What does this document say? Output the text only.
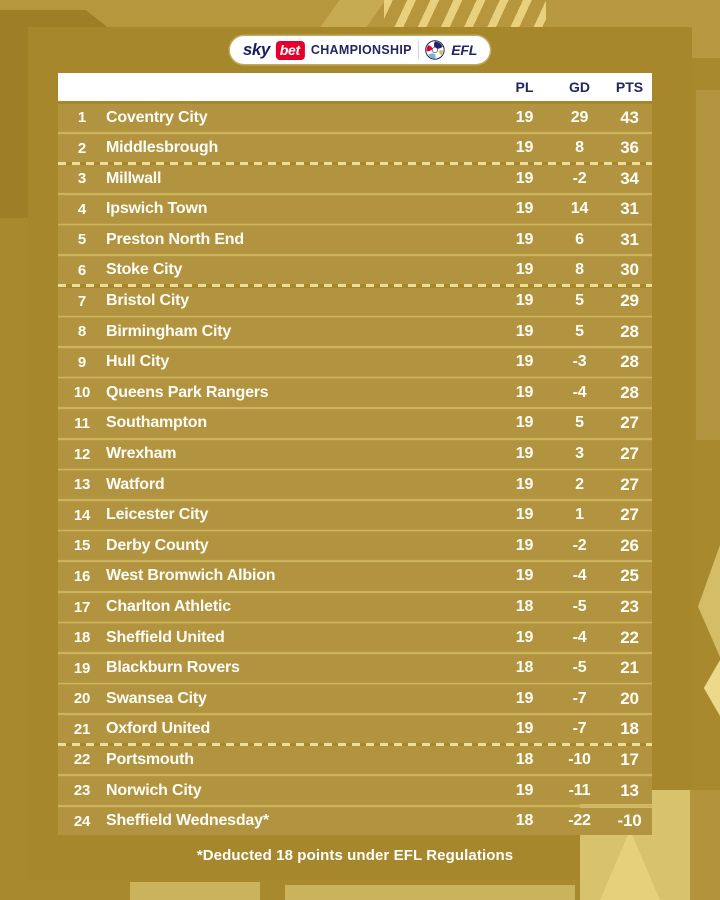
sky bet CHAMPIONSHIP	EFL
PL	GD	PTS
1	Coventry City	19	29	43
2	Middlesbrough	19	8	36
3	Millwall	19	-2	34
4	Ipswich Town	19	14	31
5	Preston North End	19	6	31
6	Stoke City	19	8	30
7	Bristol City	19	5	29
8	Birmingham City	19	5	28
9	Hull City	19	-3	28
10 Queens Park Rangers	19	-4	28
11	Southampton	19	5	27
12 Wrexham	19	3	27
13 Watford	19	2	27
14 Leicester City	19	1	27
15 Derby County	19	-2	26
16 West Bromwich Albion	19	-4	25
17 Charlton Athletic	18	-5	23
18 Sheffield United	19	-4	22
19 Blackburn Rovers	18	-5	21
20 Swansea City	19	-7	20
21 Oxford United	19	-7	18
22 Portsmouth	18	-10	17
23 Norwich City	19	-11	13
24 Sheffield Wednesday*	18	-22	-10
*Deducted 18 points under EFL Regulations
